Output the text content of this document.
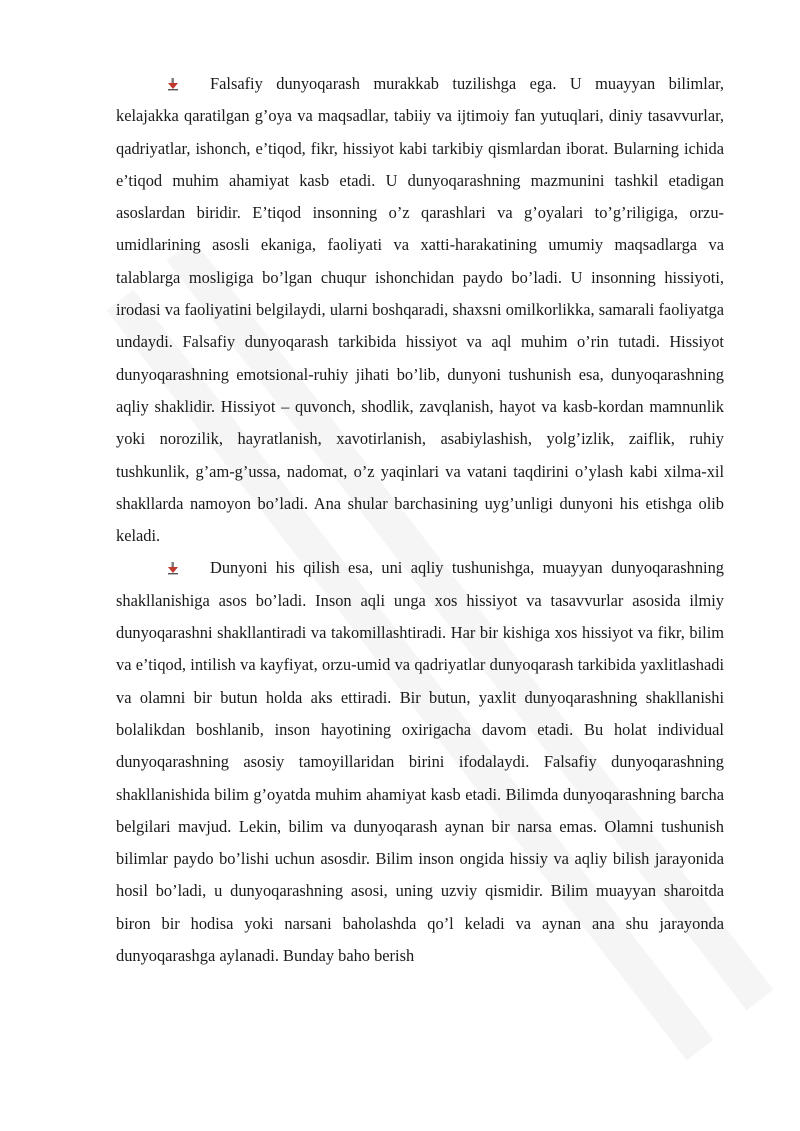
Falsafiy dunyoqarash murakkab tuzilishga ega. U muayyan bilimlar, kelajakka qaratilgan g’oya va maqsadlar, tabiiy va ijtimoiy fan yutuqlari, diniy tasavvurlar, qadriyatlar, ishonch, e’tiqod, fikr, hissiyot kabi tarkibiy qismlardan iborat. Bularning ichida e’tiqod muhim ahamiyat kasb etadi. U dunyoqarashning mazmunini tashkil etadigan asoslardan biridir. E’tiqod insonning o’z qarashlari va g’oyalari to’g’riligiga, orzu-umidlarining asosli ekaniga, faoliyati va xatti-harakatining umumiy maqsadlarga va talablarga mosligiga bo’lgan chuqur ishonchidan paydo bo’ladi. U insonning hissiyoti, irodasi va faoliyatini belgilaydi, ularni boshqaradi, shaxsni omilkorlikka, samarali faoliyatga undaydi. Falsafiy dunyoqarash tarkibida hissiyot va aql muhim o’rin tutadi. Hissiyot dunyoqarashning emotsional-ruhiy jihati bo’lib, dunyoni tushunish esa, dunyoqarashning aqliy shaklidir. Hissiyot – quvonch, shodlik, zavqlanish, hayot va kasb-kordan mamnunlik yoki norozilik, hayratlanish, xavotirlanish, asabiylashish, yolg’izlik, zaiflik, ruhiy tushkunlik, g’am-g’ussa, nadomat, o’z yaqinlari va vatani taqdirini o’ylash kabi xilma-xil shakllarda namoyon bo’ladi. Ana shular barchasining uyg’unligi dunyoni his etishga olib keladi.

Dunyoni his qilish esa, uni aqliy tushunishga, muayyan dunyoqarashning shakllanishiga asos bo’ladi. Inson aqli unga xos hissiyot va tasavvurlar asosida ilmiy dunyoqarashni shakllantiradi va takomillashtiradi. Har bir kishiga xos hissiyot va fikr, bilim va e’tiqod, intilish va kayfiyat, orzu-umid va qadriyatlar dunyoqarash tarkibida yaxlitlashadi va olamni bir butun holda aks ettiradi. Bir butun, yaxlit dunyoqarashning shakllanishi bolalikdan boshlanib, inson hayotining oxirigacha davom etadi. Bu holat individual dunyoqarashning asosiy tamoyillaridan birini ifodalaydi. Falsafiy dunyoqarashning shakllanishida bilim g’oyatda muhim ahamiyat kasb etadi. Bilimda dunyoqarashning barcha belgilari mavjud. Lekin, bilim va dunyoqarash aynan bir narsa emas. Olamni tushunish bilimlar paydo bo’lishi uchun asosdir. Bilim inson ongida hissiy va aqliy bilish jarayonida hosil bo’ladi, u dunyoqarashning asosi, uning uzviy qismidir. Bilim muayyan sharoitda biron bir hodisa yoki narsani baholashda qo’l keladi va aynan ana shu jarayonda dunyoqarashga aylanadi. Bunday baho berish
